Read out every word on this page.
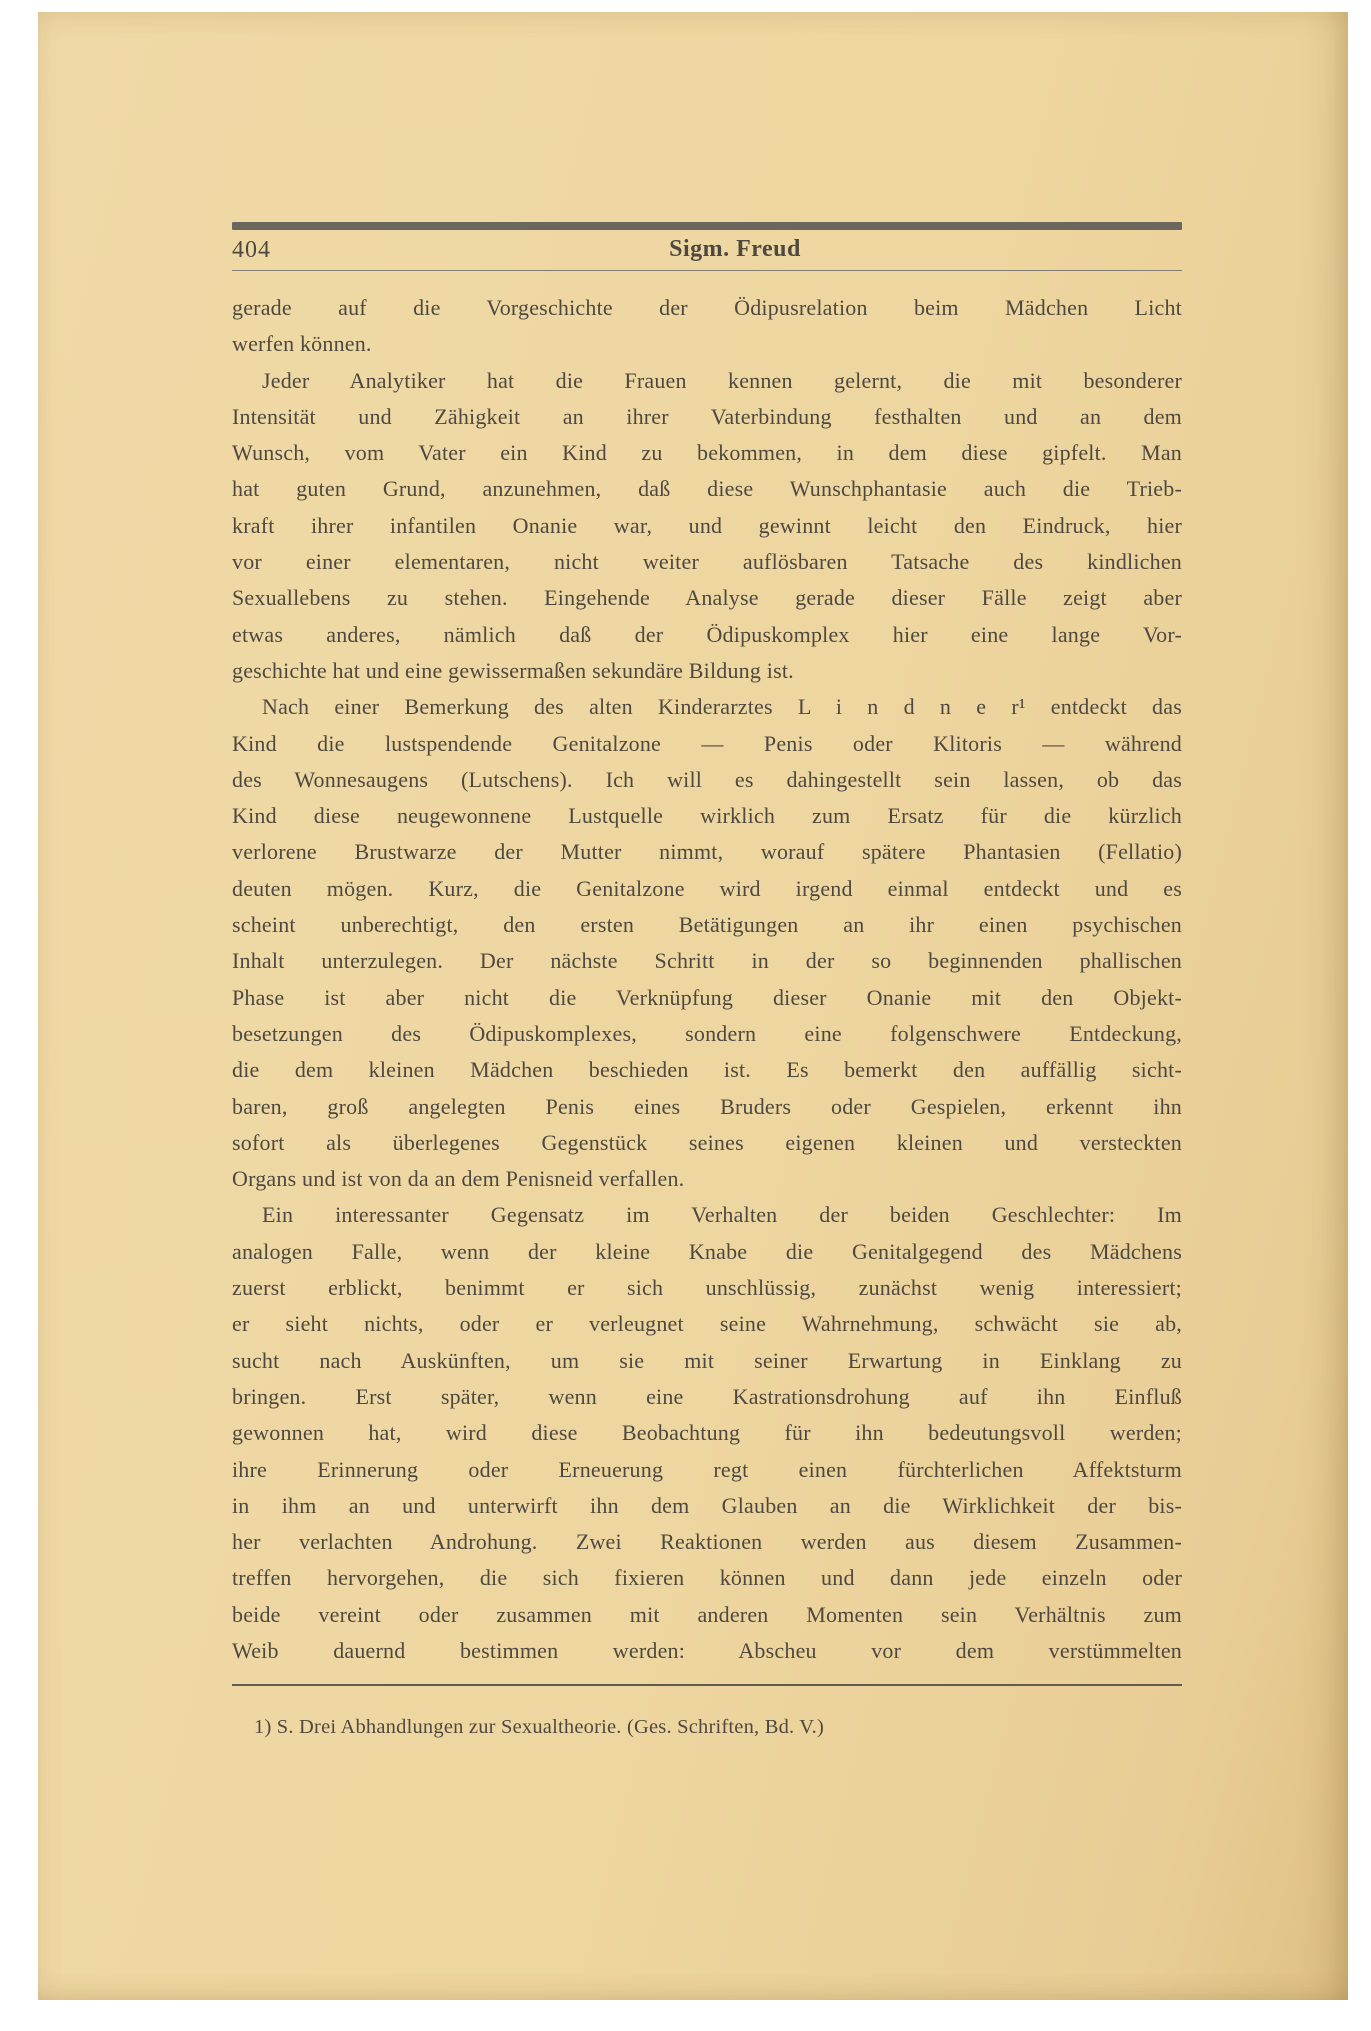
404	Sigm. Freud
gerade auf die Vorgeschichte der Ödipusrelation beim Mädchen Licht
werfen können.
Jeder Analytiker hat die Frauen kennen gelernt, die mit besonderer
Intensität und Zähigkeit an ihrer Vaterbindung festhalten und an dem
Wunsch, vom Vater ein Kind zu bekommen, in dem diese gipfelt. Man
hat guten Grund, anzunehmen, daß diese Wunschphantasie auch die Trieb-
kraft ihrer infantilen Onanie war, und gewinnt leicht den Eindruck, hier
vor einer elementaren, nicht weiter auflösbaren Tatsache des kindlichen
Sexuallebens zu stehen. Eingehende Analyse gerade dieser Fälle zeigt aber
etwas anderes, nämlich daß der Ödipuskomplex hier eine lange Vor-
geschichte hat und eine gewissermaßen sekundäre Bildung ist.
Nach einer Bemerkung des alten Kinderarztes L i n d n e r¹ entdeckt das
Kind die lustspendende Genitalzone — Penis oder Klitoris — während
des Wonnesaugens (Lutschens). Ich will es dahingestellt sein lassen, ob das
Kind diese neugewonnene Lustquelle wirklich zum Ersatz für die kürzlich
verlorene Brustwarze der Mutter nimmt, worauf spätere Phantasien (Fellatio)
deuten mögen. Kurz, die Genitalzone wird irgend einmal entdeckt und es
scheint unberechtigt, den ersten Betätigungen an ihr einen psychischen
Inhalt unterzulegen. Der nächste Schritt in der so beginnenden phallischen
Phase ist aber nicht die Verknüpfung dieser Onanie mit den Objekt-
besetzungen des Ödipuskomplexes, sondern eine folgenschwere Entdeckung,
die dem kleinen Mädchen beschieden ist. Es bemerkt den auffällig sicht-
baren, groß angelegten Penis eines Bruders oder Gespielen, erkennt ihn
sofort als überlegenes Gegenstück seines eigenen kleinen und versteckten
Organs und ist von da an dem Penisneid verfallen.
Ein interessanter Gegensatz im Verhalten der beiden Geschlechter: Im
analogen Falle, wenn der kleine Knabe die Genitalgegend des Mädchens
zuerst erblickt, benimmt er sich unschlüssig, zunächst wenig interessiert;
er sieht nichts, oder er verleugnet seine Wahrnehmung, schwächt sie ab,
sucht nach Auskünften, um sie mit seiner Erwartung in Einklang zu
bringen. Erst später, wenn eine Kastrationsdrohung auf ihn Einfluß
gewonnen hat, wird diese Beobachtung für ihn bedeutungsvoll werden;
ihre Erinnerung oder Erneuerung regt einen fürchterlichen Affektsturm
in ihm an und unterwirft ihn dem Glauben an die Wirklichkeit der bis-
her verlachten Androhung. Zwei Reaktionen werden aus diesem Zusammen-
treffen hervorgehen, die sich fixieren können und dann jede einzeln oder
beide vereint oder zusammen mit anderen Momenten sein Verhältnis zum
Weib dauernd bestimmen werden: Abscheu vor dem verstümmelten
1) S. Drei Abhandlungen zur Sexualtheorie. (Ges. Schriften, Bd. V.)
